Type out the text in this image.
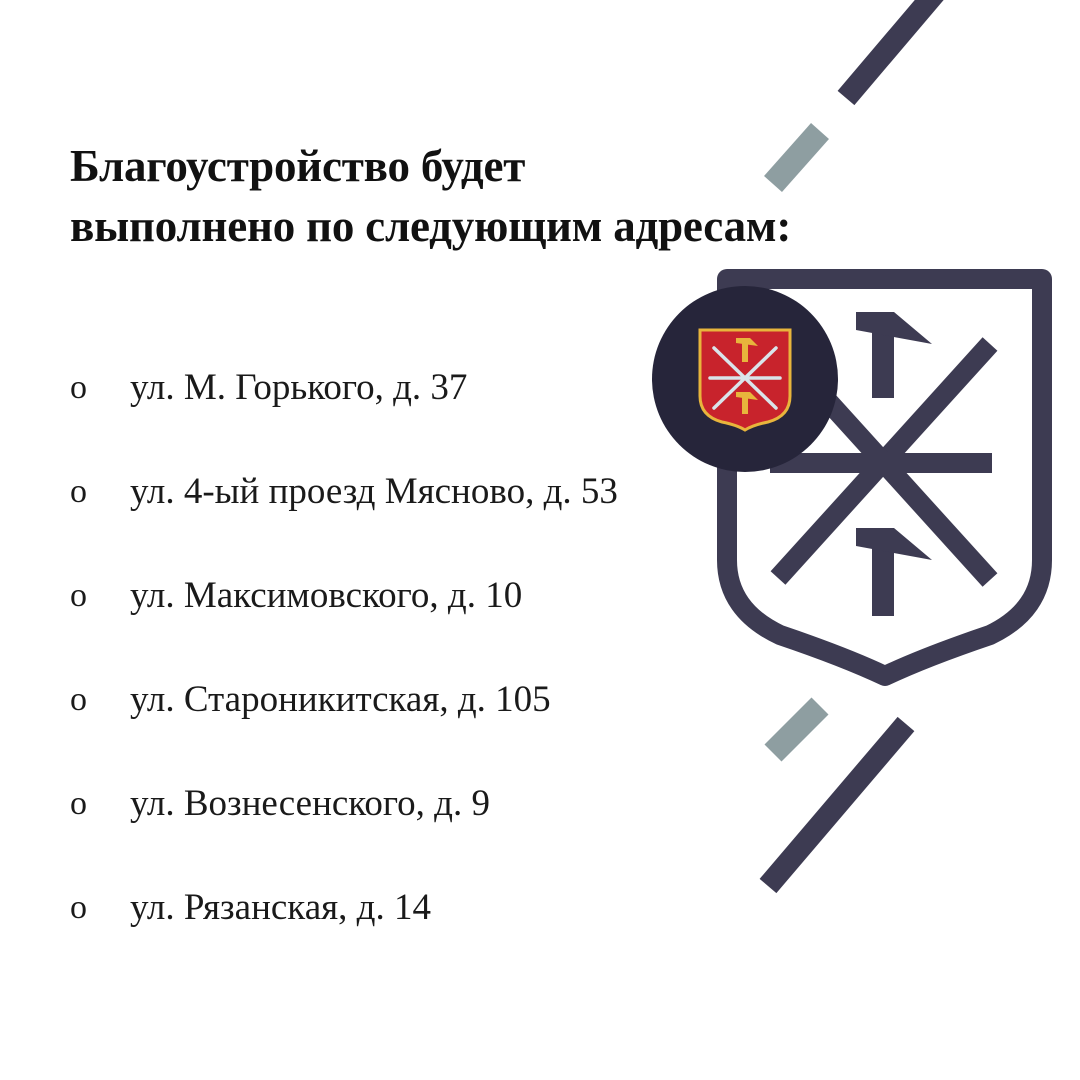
Благоустройство будет
выполнено по следующим адресам:
o ул. М. Горького, д. 37
o ул. 4-ый проезд Мясново, д. 53
o ул. Максимовского, д. 10
o ул. Староникитская, д. 105
o ул. Вознесенского, д. 9
o ул. Рязанская, д. 14
